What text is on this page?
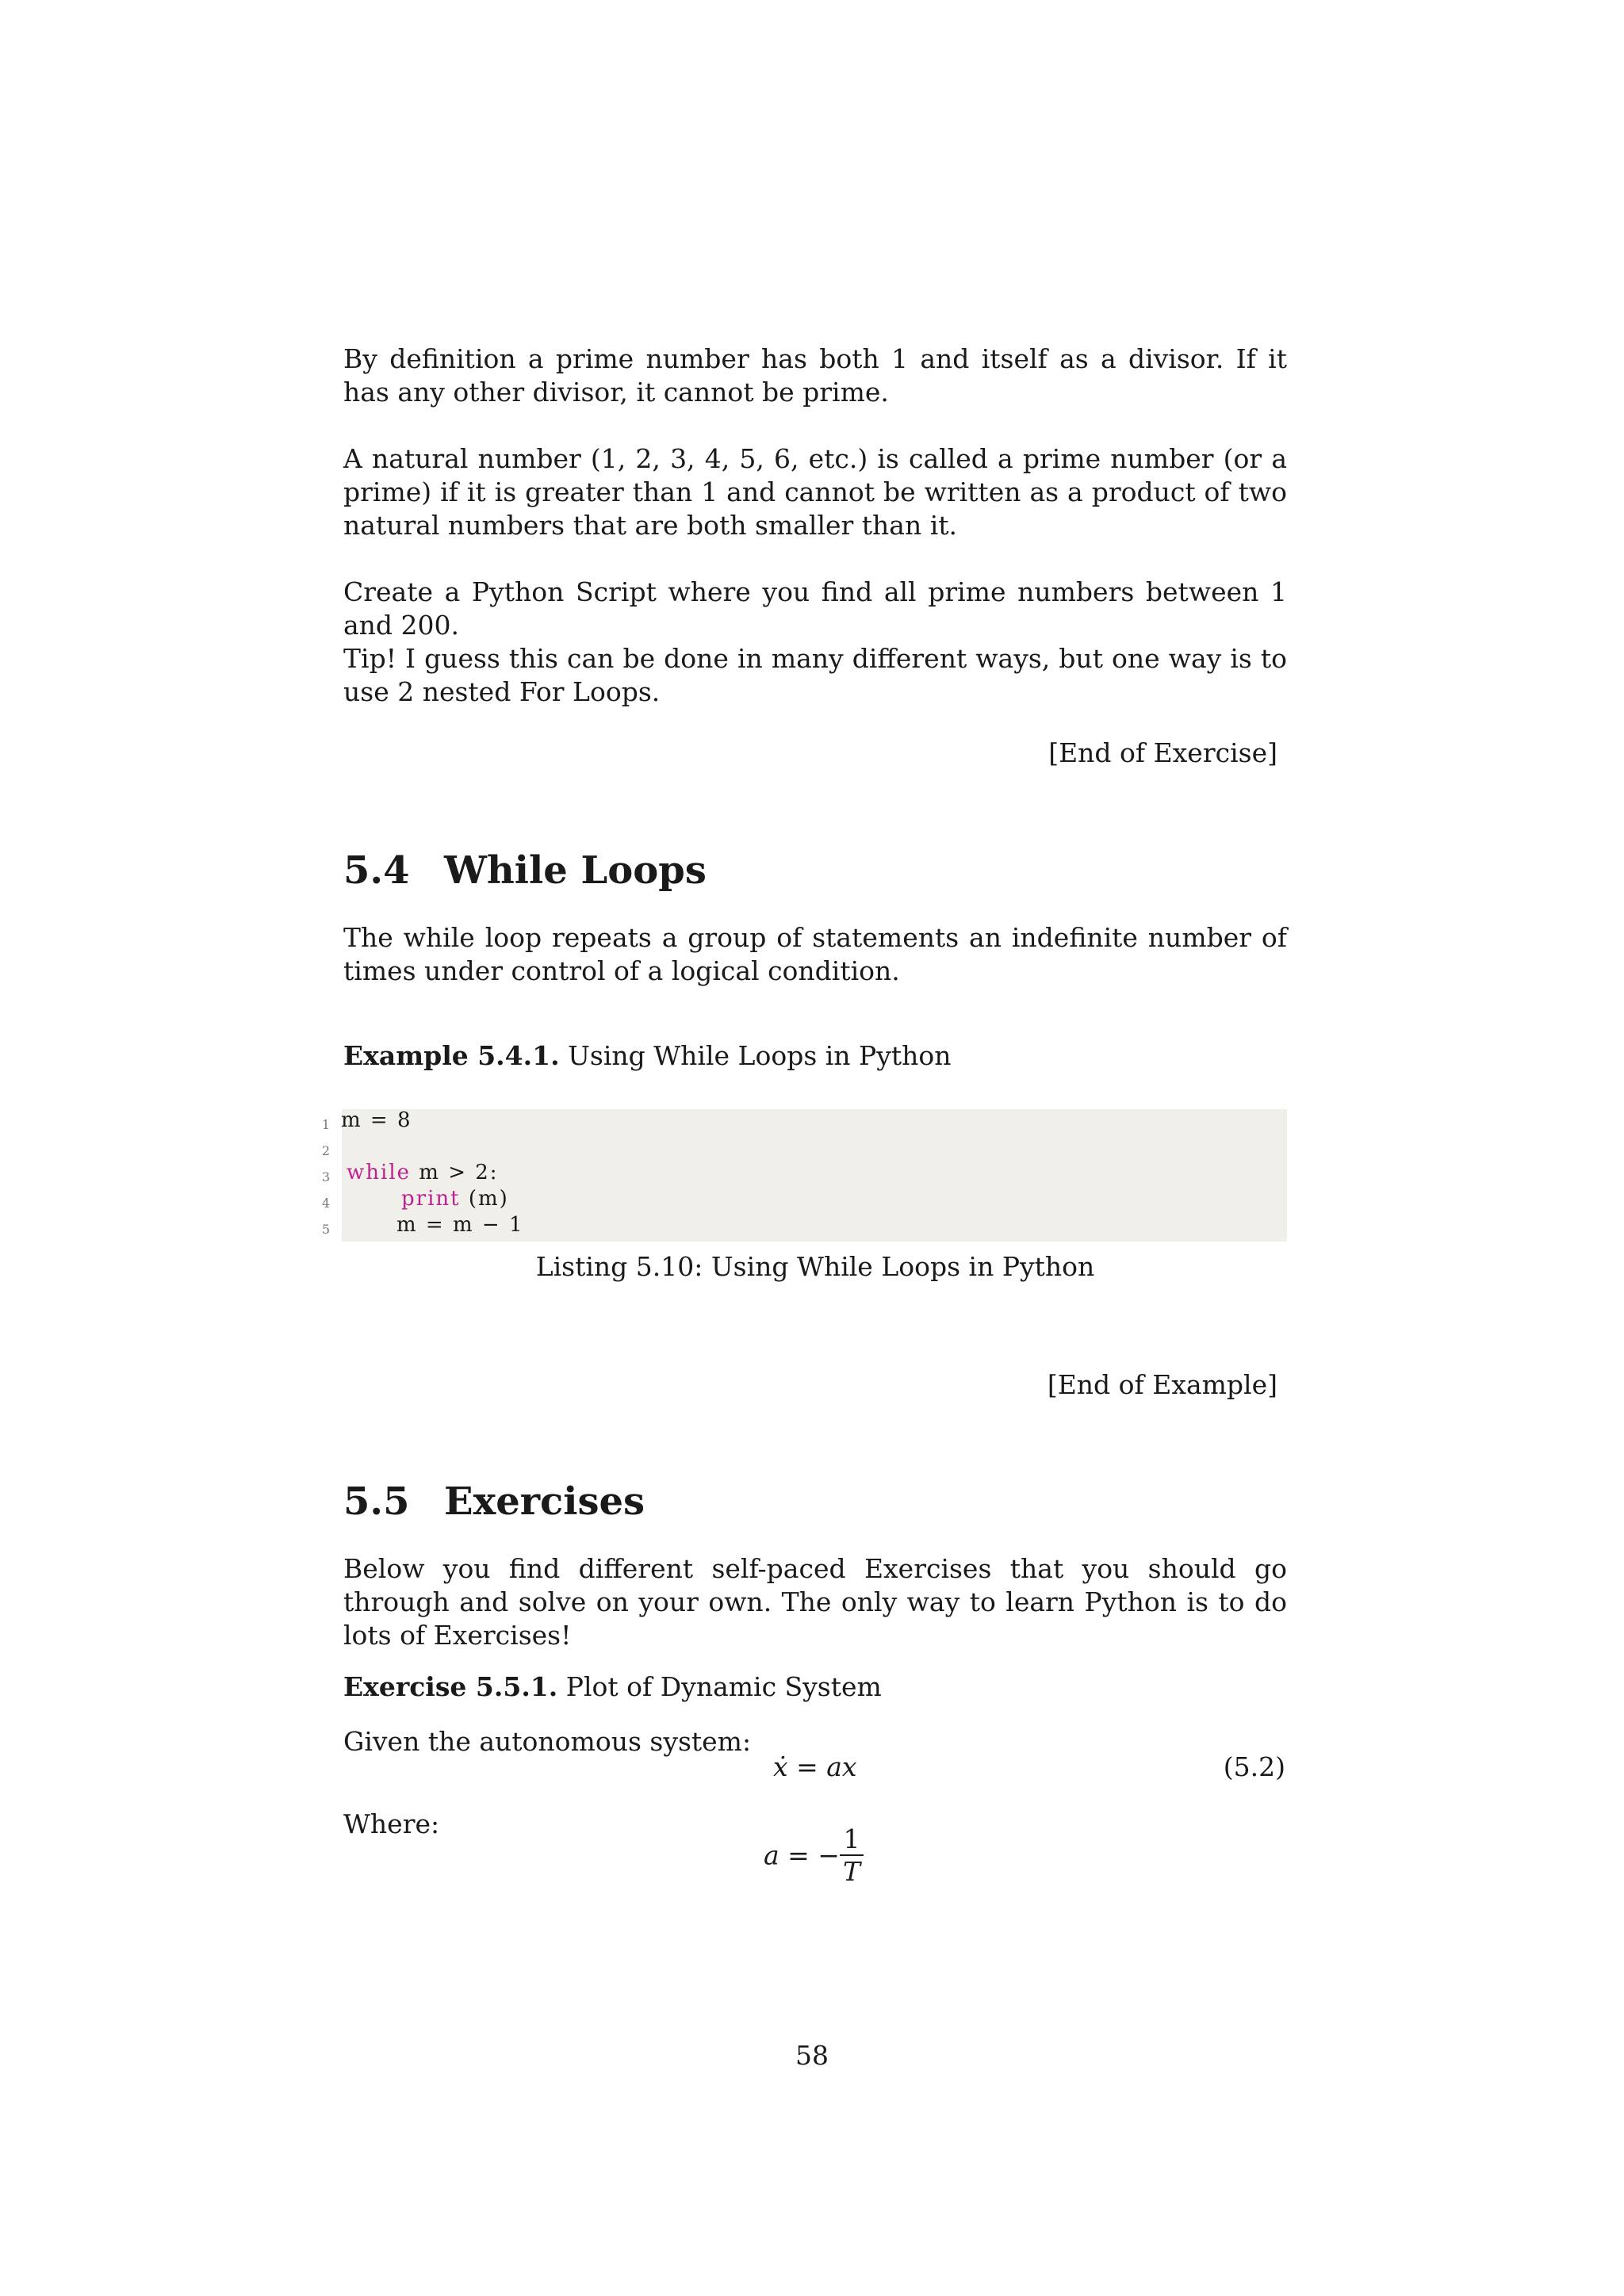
By definition a prime number has both 1 and itself as a divisor. If it has any other divisor, it cannot be prime.

A natural number (1, 2, 3, 4, 5, 6, etc.) is called a prime number (or a prime) if it is greater than 1 and cannot be written as a product of two natural numbers that are both smaller than it.

Create a Python Script where you find all prime numbers between 1 and 200.

Tip! I guess this can be done in many different ways, but one way is to use 2 nested For Loops.

[End of Exercise]
5.4 While Loops

The while loop repeats a group of statements an indefinite number of times under control of a logical condition.

Example 5.4.1. Using While Loops in Python
1
2
3
4
5
m = 8
while m > 2:
print (m)
m = m − 1
Listing 5.10: Using While Loops in Python
[End of Example]
5.5 Exercises

Below you find different self-paced Exercises that you should go through and solve on your own. The only way to learn Python is to do lots of Exercises!

Exercise 5.5.1. Plot of Dynamic System
Given the autonomous system:
ẋ = ax	(5.2)
Where:
a = − $\frac{1}{T}$
58
